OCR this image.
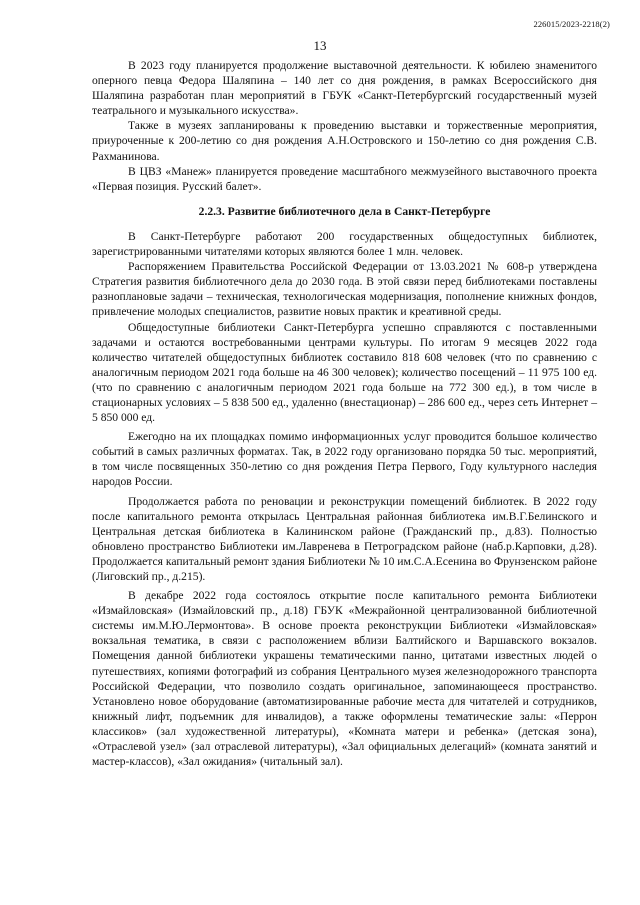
226015/2023-2218(2)
13

В 2023 году планируется продолжение выставочной деятельности. К юбилею знаменитого оперного певца Федора Шаляпина – 140 лет со дня рождения, в рамках Всероссийского дня Шаляпина разработан план мероприятий в ГБУК «Санкт-Петербургский государственный музей театрального и музыкального искусства».

Также в музеях запланированы к проведению выставки и торжественные мероприятия, приуроченные к 200-летию со дня рождения А.Н.Островского и 150-летию со дня рождения С.В. Рахманинова.

В ЦВЗ «Манеж» планируется проведение масштабного межмузейного выставочного проекта «Первая позиция. Русский балет».

2.2.3. Развитие библиотечного дела в Санкт-Петербурге

В Санкт-Петербурге работают 200 государственных общедоступных библиотек, зарегистрированными читателями которых являются более 1 млн. человек.

Распоряжением Правительства Российской Федерации от 13.03.2021 № 608-р утверждена Стратегия развития библиотечного дела до 2030 года. В этой связи перед библиотеками поставлены разноплановые задачи – техническая, технологическая модернизация, пополнение книжных фондов, привлечение молодых специалистов, развитие новых практик и креативной среды.

Общедоступные библиотеки Санкт-Петербурга успешно справляются с поставленными задачами и остаются востребованными центрами культуры. По итогам 9 месяцев 2022 года количество читателей общедоступных библиотек составило 818 608 человек (что по сравнению с аналогичным периодом 2021 года больше на 46 300 человек); количество посещений – 11 975 100 ед. (что по сравнению с аналогичным периодом 2021 года больше на 772 300 ед.), в том числе в стационарных условиях – 5 838 500 ед., удаленно (внестационар) – 286 600 ед., через сеть Интернет – 5 850 000 ед.

Ежегодно на их площадках помимо информационных услуг проводится большое количество событий в самых различных форматах. Так, в 2022 году организовано порядка 50 тыс. мероприятий, в том числе посвященных 350-летию со дня рождения Петра Первого, Году культурного наследия народов России.

Продолжается работа по реновации и реконструкции помещений библиотек. В 2022 году после капитального ремонта открылась Центральная районная библиотека им.В.Г.Белинского и Центральная детская библиотека в Калининском районе (Гражданский пр., д.83). Полностью обновлено пространство Библиотеки им.Лавренева в Петроградском районе (наб.р.Карповки, д.28). Продолжается капитальный ремонт здания Библиотеки № 10 им.С.А.Есенина во Фрунзенском районе (Лиговский пр., д.215).

В декабре 2022 года состоялось открытие после капитального ремонта Библиотеки «Измайловская» (Измайловский пр., д.18) ГБУК «Межрайонной централизованной библиотечной системы им.М.Ю.Лермонтова». В основе проекта реконструкции Библиотеки «Измайловская» вокзальная тематика, в связи с расположением вблизи Балтийского и Варшавского вокзалов. Помещения данной библиотеки украшены тематическими панно, цитатами известных людей о путешествиях, копиями фотографий из собрания Центрального музея железнодорожного транспорта Российской Федерации, что позволило создать оригинальное, запоминающееся пространство. Установлено новое оборудование (автоматизированные рабочие места для читателей и сотрудников, книжный лифт, подъемник для инвалидов), а также оформлены тематические залы: «Перрон классиков» (зал художественной литературы), «Комната матери и ребенка» (детская зона), «Отраслевой узел» (зал отраслевой литературы), «Зал официальных делегаций» (комната занятий и мастер-классов), «Зал ожидания» (читальный зал).
